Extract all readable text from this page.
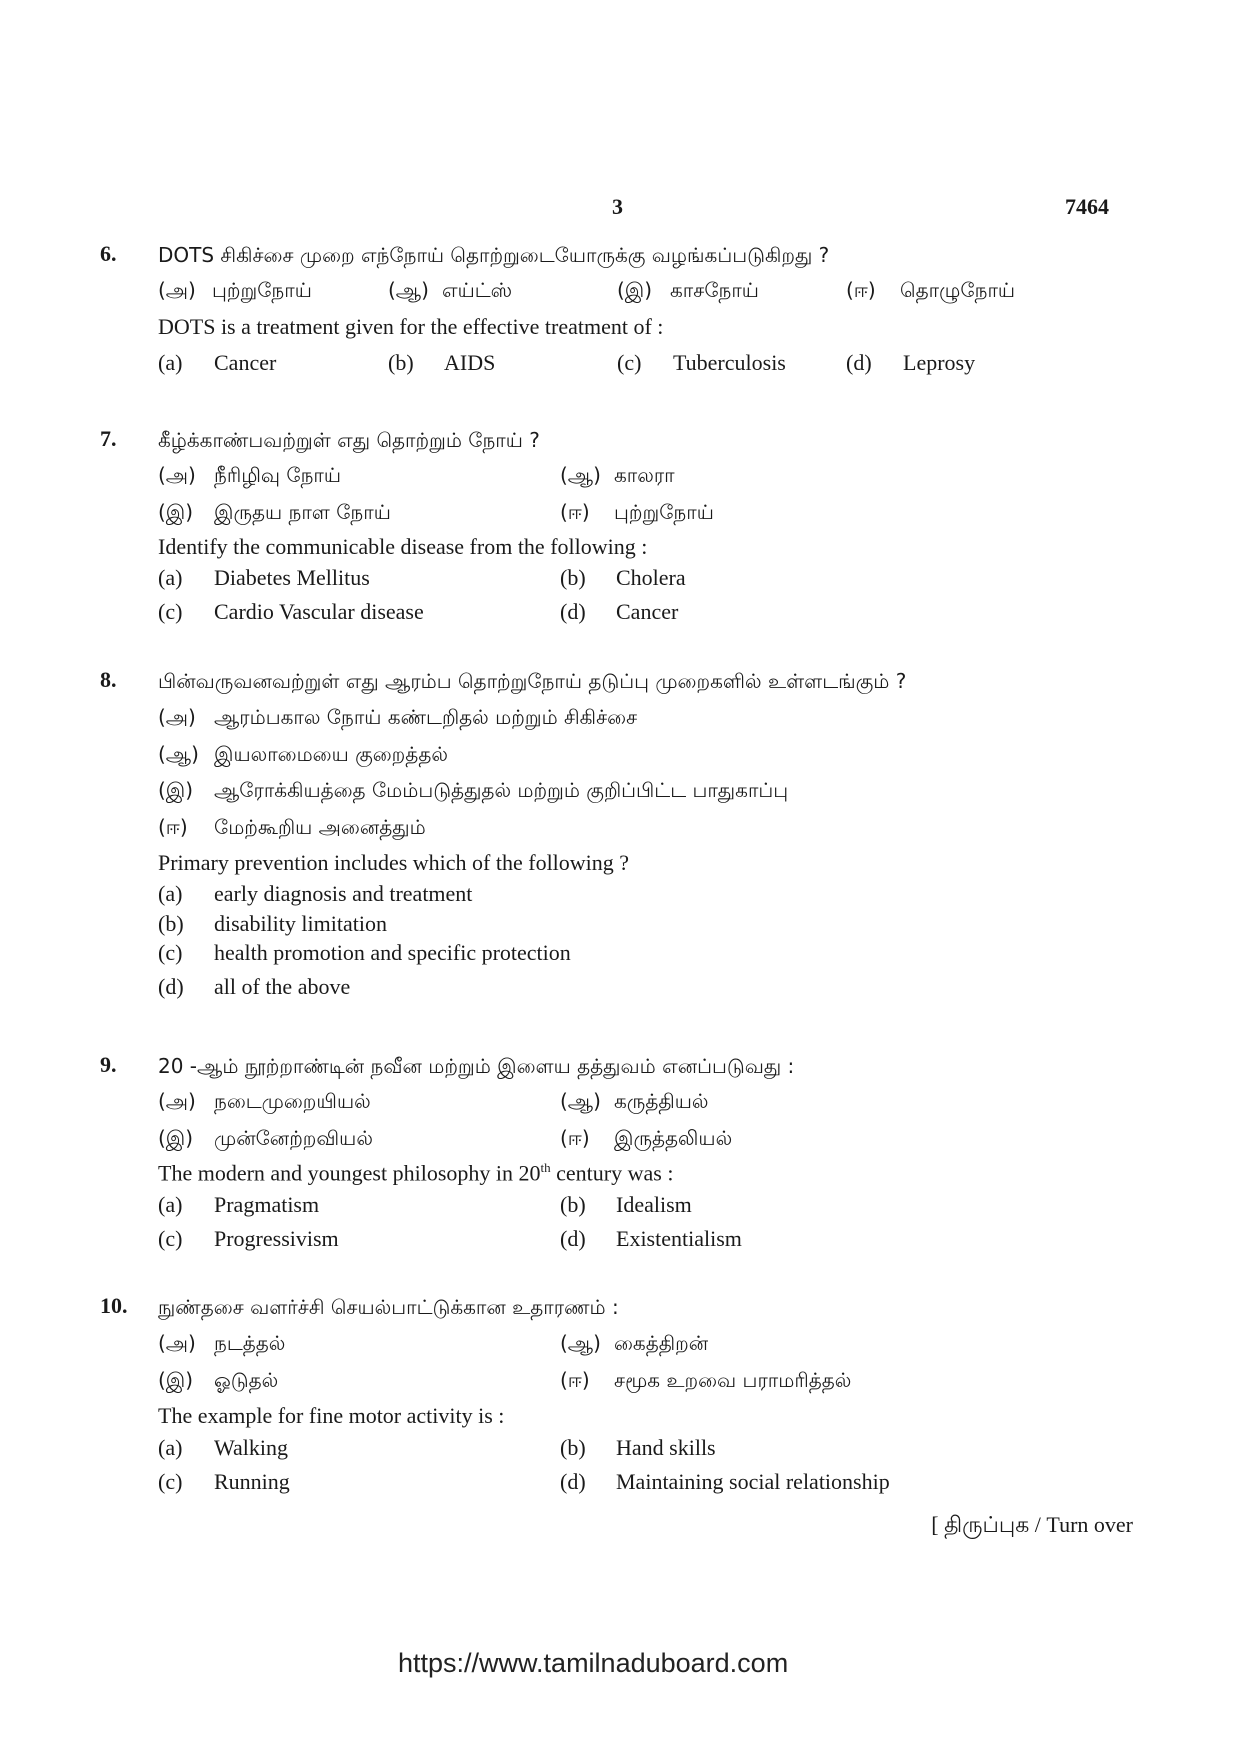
3	7464
6. DOTS சிகிச்சை முறை எந்நோய் தொற்றுடையோருக்கு வழங்கப்படுகிறது ?
(அ) புற்றுநோய்	(ஆ) எய்ட்ஸ்	(இ) காசநோய்	(ஈ) தொழுநோய்
DOTS is a treatment given for the effective treatment of :
(a) Cancer	(b) AIDS	(c) Tuberculosis	(d) Leprosy
7. கீழ்க்காண்பவற்றுள் எது தொற்றும் நோய் ?
(அ) நீரிழிவு நோய்	(ஆ) காலரா
(இ) இருதய நாள நோய்	(ஈ) புற்றுநோய்
Identify the communicable disease from the following :
(a) Diabetes Mellitus	(b) Cholera
(c) Cardio Vascular disease	(d) Cancer
8. பின்வருவனவற்றுள் எது ஆரம்ப தொற்றுநோய் தடுப்பு முறைகளில் உள்ளடங்கும் ?
(அ) ஆரம்பகால நோய் கண்டறிதல் மற்றும் சிகிச்சை
(ஆ) இயலாமையை குறைத்தல்
(இ) ஆரோக்கியத்தை மேம்படுத்துதல் மற்றும் குறிப்பிட்ட பாதுகாப்பு
(ஈ) மேற்கூறிய அனைத்தும்
Primary prevention includes which of the following ?
(a) early diagnosis and treatment
(b) disability limitation
(c) health promotion and specific protection
(d) all of the above
9. 20 -ஆம் நூற்றாண்டின் நவீன மற்றும் இளைய தத்துவம் எனப்படுவது :
(அ) நடைமுறையியல்	(ஆ) கருத்தியல்
(இ) முன்னேற்றவியல்	(ஈ) இருத்தலியல்
The modern and youngest philosophy in 20th century was :
(a) Pragmatism	(b) Idealism
(c) Progressivism	(d) Existentialism
10. நுண்தசை வளர்ச்சி செயல்பாட்டுக்கான உதாரணம் :
(அ) நடத்தல்	(ஆ) கைத்திறன்
(இ) ஓடுதல்	(ஈ) சமூக உறவை பராமரித்தல்
The example for fine motor activity is :
(a) Walking	(b) Hand skills
(c) Running	(d) Maintaining social relationship
[ திருப்புக / Turn over
https://www.tamilnaduboard.com
